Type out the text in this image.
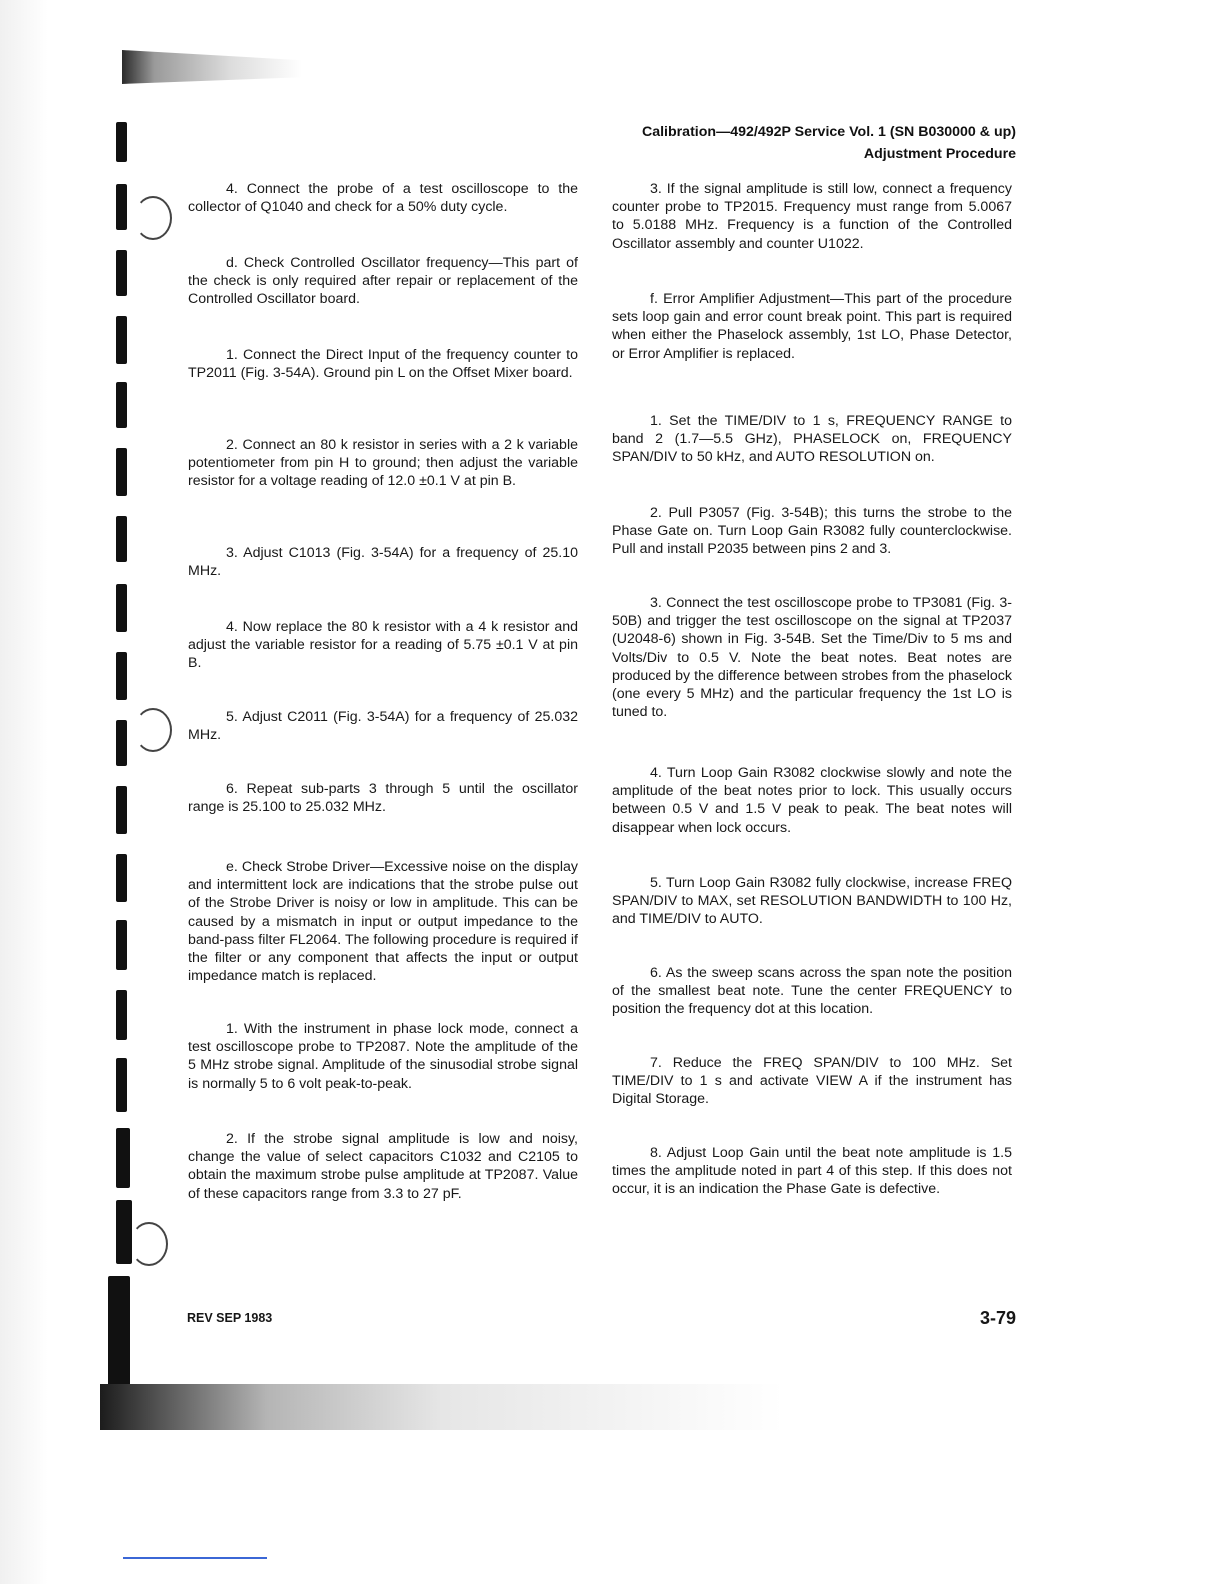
Calibration—492/492P Service Vol. 1 (SN B030000 & up)
Adjustment Procedure

4. Connect the probe of a test oscilloscope to the collector of Q1040 and check for a 50% duty cycle.

d. Check Controlled Oscillator frequency—This part of the check is only required after repair or replacement of the Controlled Oscillator board.

1. Connect the Direct Input of the frequency counter to TP2011 (Fig. 3-54A). Ground pin L on the Offset Mixer board.

2. Connect an 80 k resistor in series with a 2 k variable potentiometer from pin H to ground; then adjust the variable resistor for a voltage reading of 12.0 ±0.1 V at pin B.

3. Adjust C1013 (Fig. 3-54A) for a frequency of 25.10 MHz.

4. Now replace the 80 k resistor with a 4 k resistor and adjust the variable resistor for a reading of 5.75 ±0.1 V at pin B.

5. Adjust C2011 (Fig. 3-54A) for a frequency of 25.032 MHz.

6. Repeat sub-parts 3 through 5 until the oscillator range is 25.100 to 25.032 MHz.

e. Check Strobe Driver—Excessive noise on the display and intermittent lock are indications that the strobe pulse out of the Strobe Driver is noisy or low in amplitude. This can be caused by a mismatch in input or output impedance to the band-pass filter FL2064. The following procedure is required if the filter or any component that affects the input or output impedance match is replaced.

1. With the instrument in phase lock mode, connect a test oscilloscope probe to TP2087. Note the amplitude of the 5 MHz strobe signal. Amplitude of the sinusodial strobe signal is normally 5 to 6 volt peak-to-peak.

2. If the strobe signal amplitude is low and noisy, change the value of select capacitors C1032 and C2105 to obtain the maximum strobe pulse amplitude at TP2087. Value of these capacitors range from 3.3 to 27 pF.

3. If the signal amplitude is still low, connect a frequency counter probe to TP2015. Frequency must range from 5.0067 to 5.0188 MHz. Frequency is a function of the Controlled Oscillator assembly and counter U1022.

f. Error Amplifier Adjustment—This part of the procedure sets loop gain and error count break point. This part is required when either the Phaselock assembly, 1st LO, Phase Detector, or Error Amplifier is replaced.

1. Set the TIME/DIV to 1 s, FREQUENCY RANGE to band 2 (1.7—5.5 GHz), PHASELOCK on, FREQUENCY SPAN/DIV to 50 kHz, and AUTO RESOLUTION on.

2. Pull P3057 (Fig. 3-54B); this turns the strobe to the Phase Gate on. Turn Loop Gain R3082 fully counterclockwise. Pull and install P2035 between pins 2 and 3.

3. Connect the test oscilloscope probe to TP3081 (Fig. 3-50B) and trigger the test oscilloscope on the signal at TP2037 (U2048-6) shown in Fig. 3-54B. Set the Time/Div to 5 ms and Volts/Div to 0.5 V. Note the beat notes. Beat notes are produced by the difference between strobes from the phaselock (one every 5 MHz) and the particular frequency the 1st LO is tuned to.

4. Turn Loop Gain R3082 clockwise slowly and note the amplitude of the beat notes prior to lock. This usually occurs between 0.5 V and 1.5 V peak to peak. The beat notes will disappear when lock occurs.

5. Turn Loop Gain R3082 fully clockwise, increase FREQ SPAN/DIV to MAX, set RESOLUTION BANDWIDTH to 100 Hz, and TIME/DIV to AUTO.

6. As the sweep scans across the span note the position of the smallest beat note. Tune the center FREQUENCY to position the frequency dot at this location.

7. Reduce the FREQ SPAN/DIV to 100 MHz. Set TIME/DIV to 1 s and activate VIEW A if the instrument has Digital Storage.

8. Adjust Loop Gain until the beat note amplitude is 1.5 times the amplitude noted in part 4 of this step. If this does not occur, it is an indication the Phase Gate is defective.

REV SEP 1983	3-79
